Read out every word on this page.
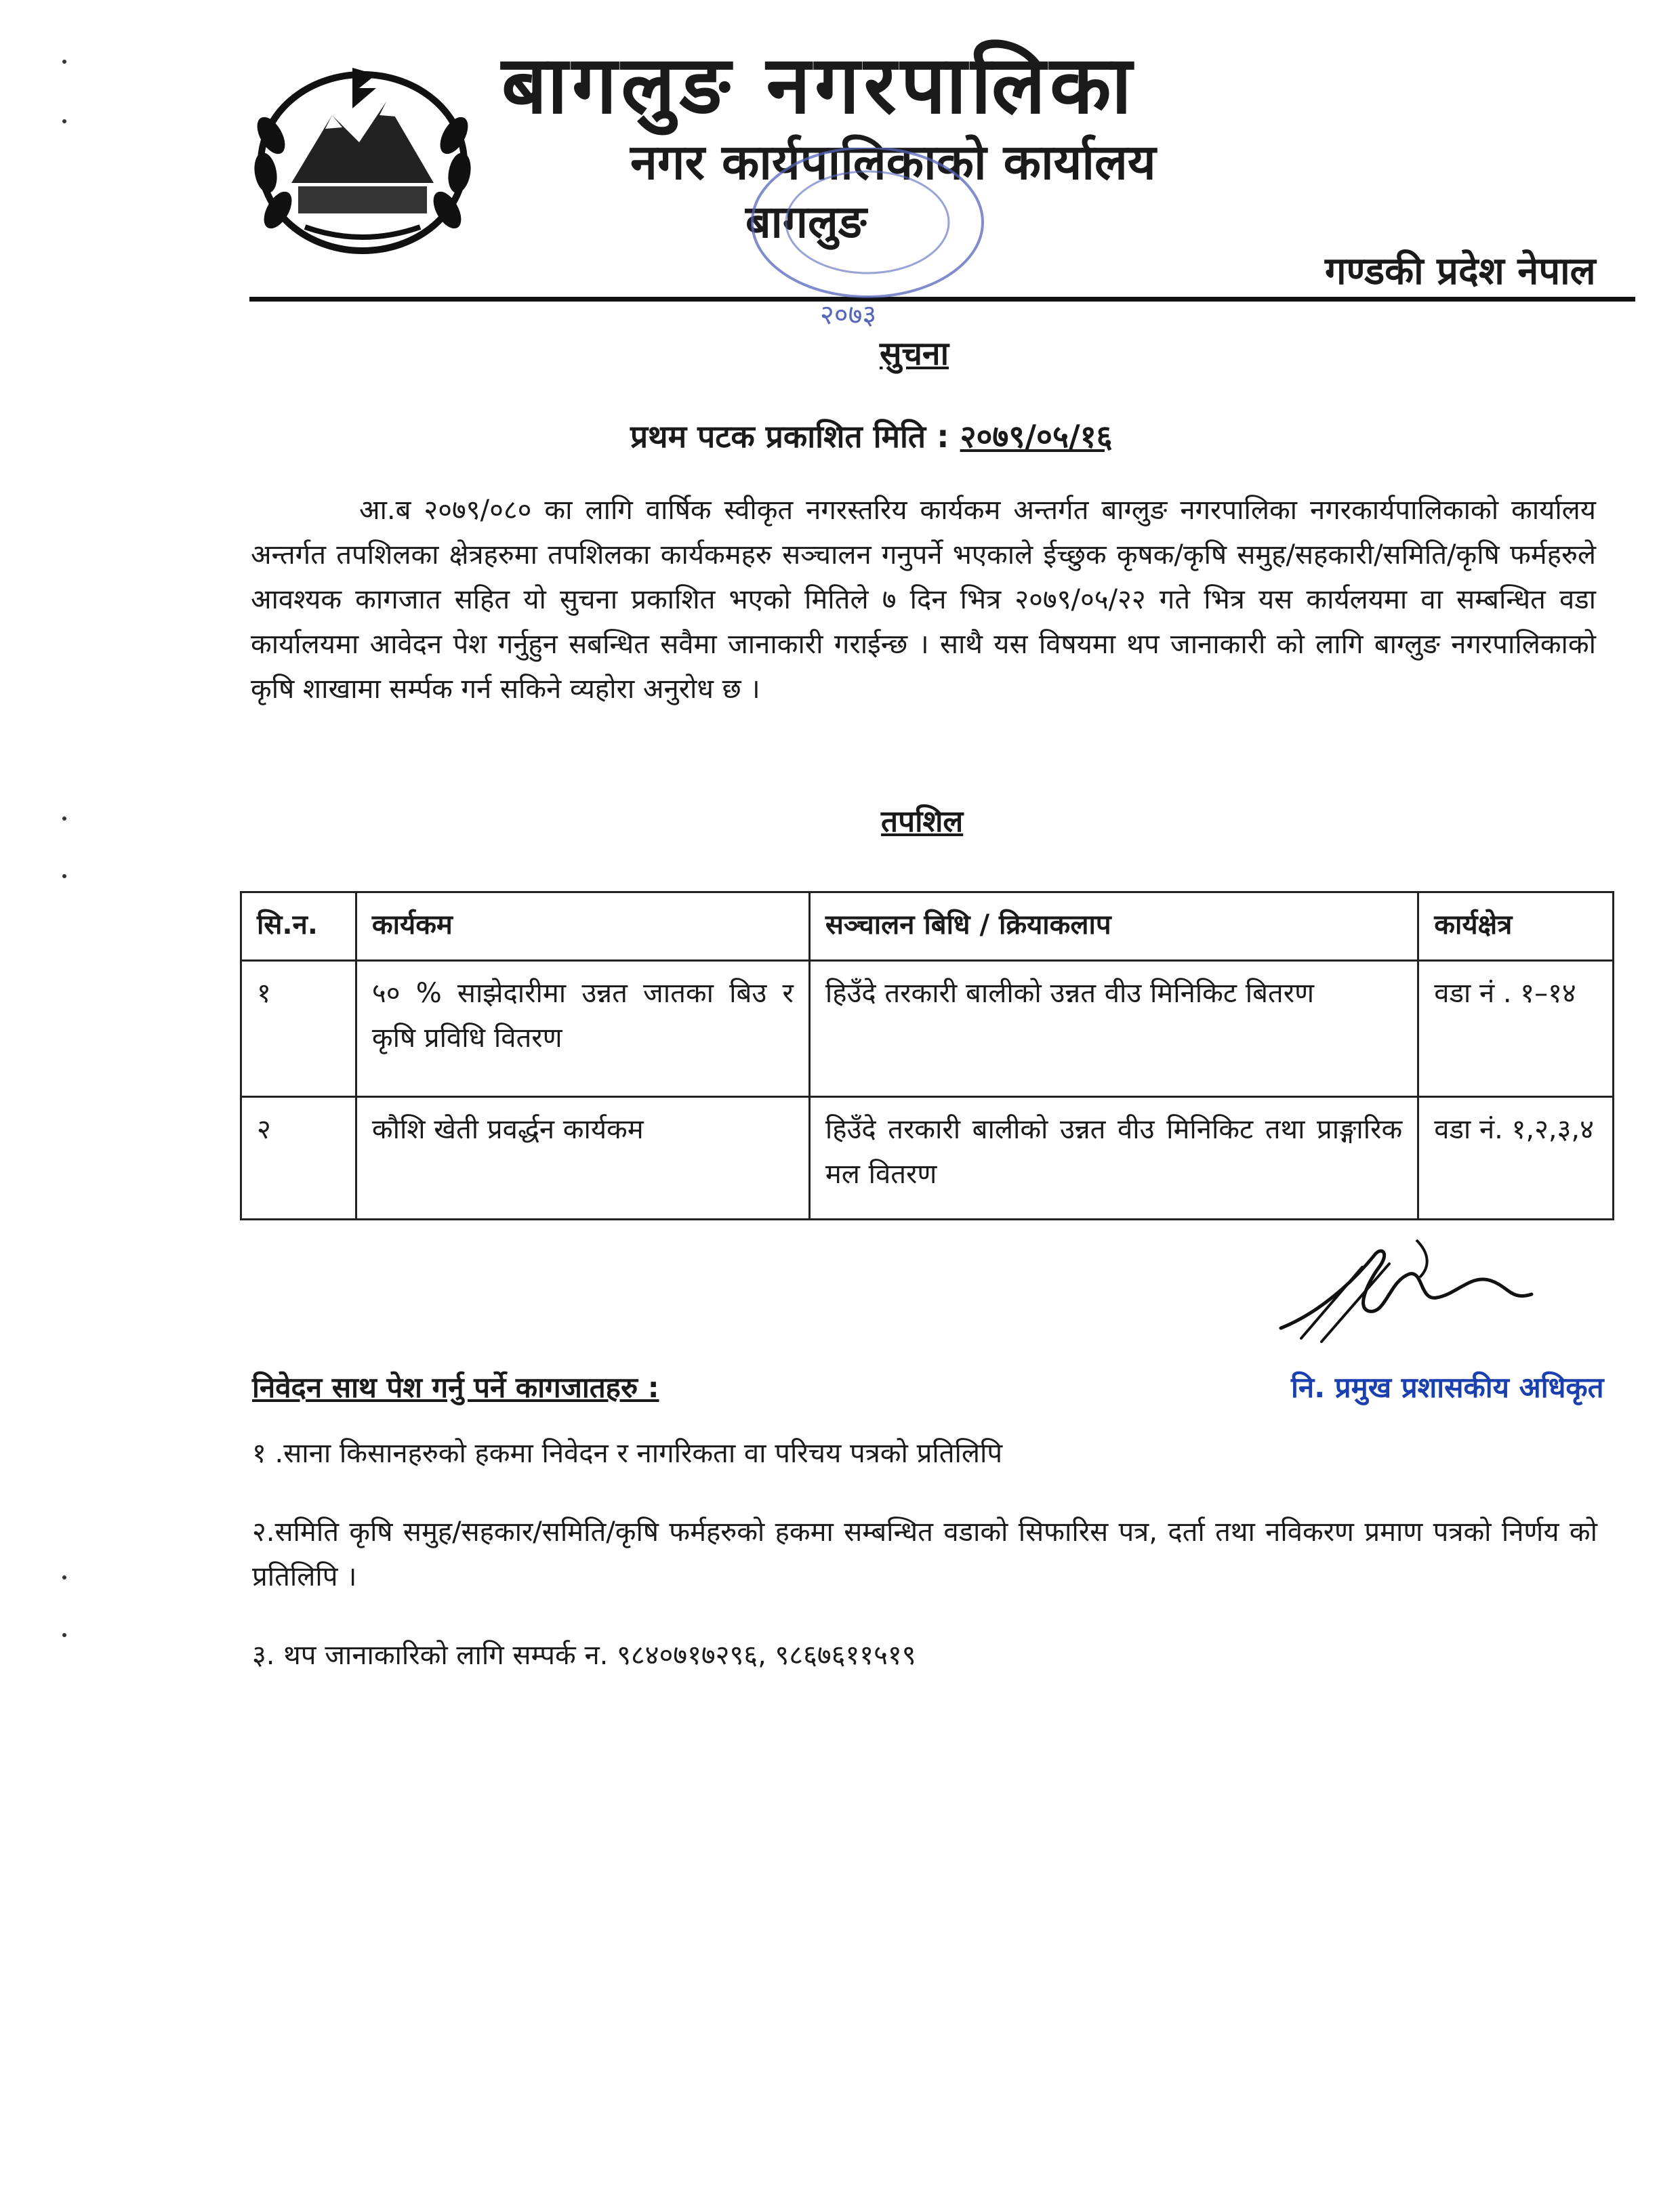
बागलुङ नगरपालिका
नगर कार्यपालिकाको कार्यालय
बागलुङ
गण्डकी प्रदेश नेपाल
२०७३
सुचना
प्रथम पटक प्रकाशित मिति : २०७९/०५/१६
आ.ब २०७९/०८० का लागि वार्षिक स्वीकृत नगरस्तरिय कार्यकम अन्तर्गत बाग्लुङ नगरपालिका नगरकार्यपालिकाको कार्यालय अन्तर्गत तपशिलका क्षेत्रहरुमा तपशिलका कार्यकमहरु सञ्चालन गनुपर्ने भएकाले ईच्छुक कृषक/कृषि समुह/सहकारी/समिति/कृषि फर्महरुले आवश्यक कागजात सहित यो सुचना प्रकाशित भएको मितिले ७ दिन भित्र २०७९/०५/२२ गते भित्र यस कार्यलयमा वा सम्बन्धित वडा कार्यालयमा आवेदन पेश गर्नुहुन सबन्धित सवैमा जानाकारी गराईन्छ । साथै यस विषयमा थप जानाकारी को लागि बाग्लुङ नगरपालिकाको कृषि शाखामा सर्म्पक गर्न सकिने व्यहोरा अनुरोध छ ।
तपशिल
सि.न.	कार्यकम	सञ्चालन बिधि / क्रियाकलाप	कार्यक्षेत्र
१	५० % साझेदारीमा उन्नत जातका बिउ र कृषि प्रविधि वितरण	हिउँदे तरकारी बालीको उन्नत वीउ मिनिकिट बितरण	वडा नं . १–१४
२	कौशि खेती प्रवर्द्धन कार्यकम	हिउँदे तरकारी बालीको उन्नत वीउ मिनिकिट तथा प्राङ्गारिक मल वितरण	वडा नं. १,२,३,४
नि. प्रमुख प्रशासकीय अधिकृत
निवेदन साथ पेश गर्नु पर्ने कागजातहरु :
१ .साना किसानहरुको हकमा निवेदन र नागरिकता वा परिचय पत्रको प्रतिलिपि
२.समिति कृषि समुह/सहकार/समिति/कृषि फर्महरुको हकमा सम्बन्धित वडाको सिफारिस पत्र, दर्ता तथा नविकरण प्रमाण पत्रको निर्णय को प्रतिलिपि ।
३. थप जानाकारिको लागि सम्पर्क न. ९८४०७१७२९६, ९८६७६११५१९
